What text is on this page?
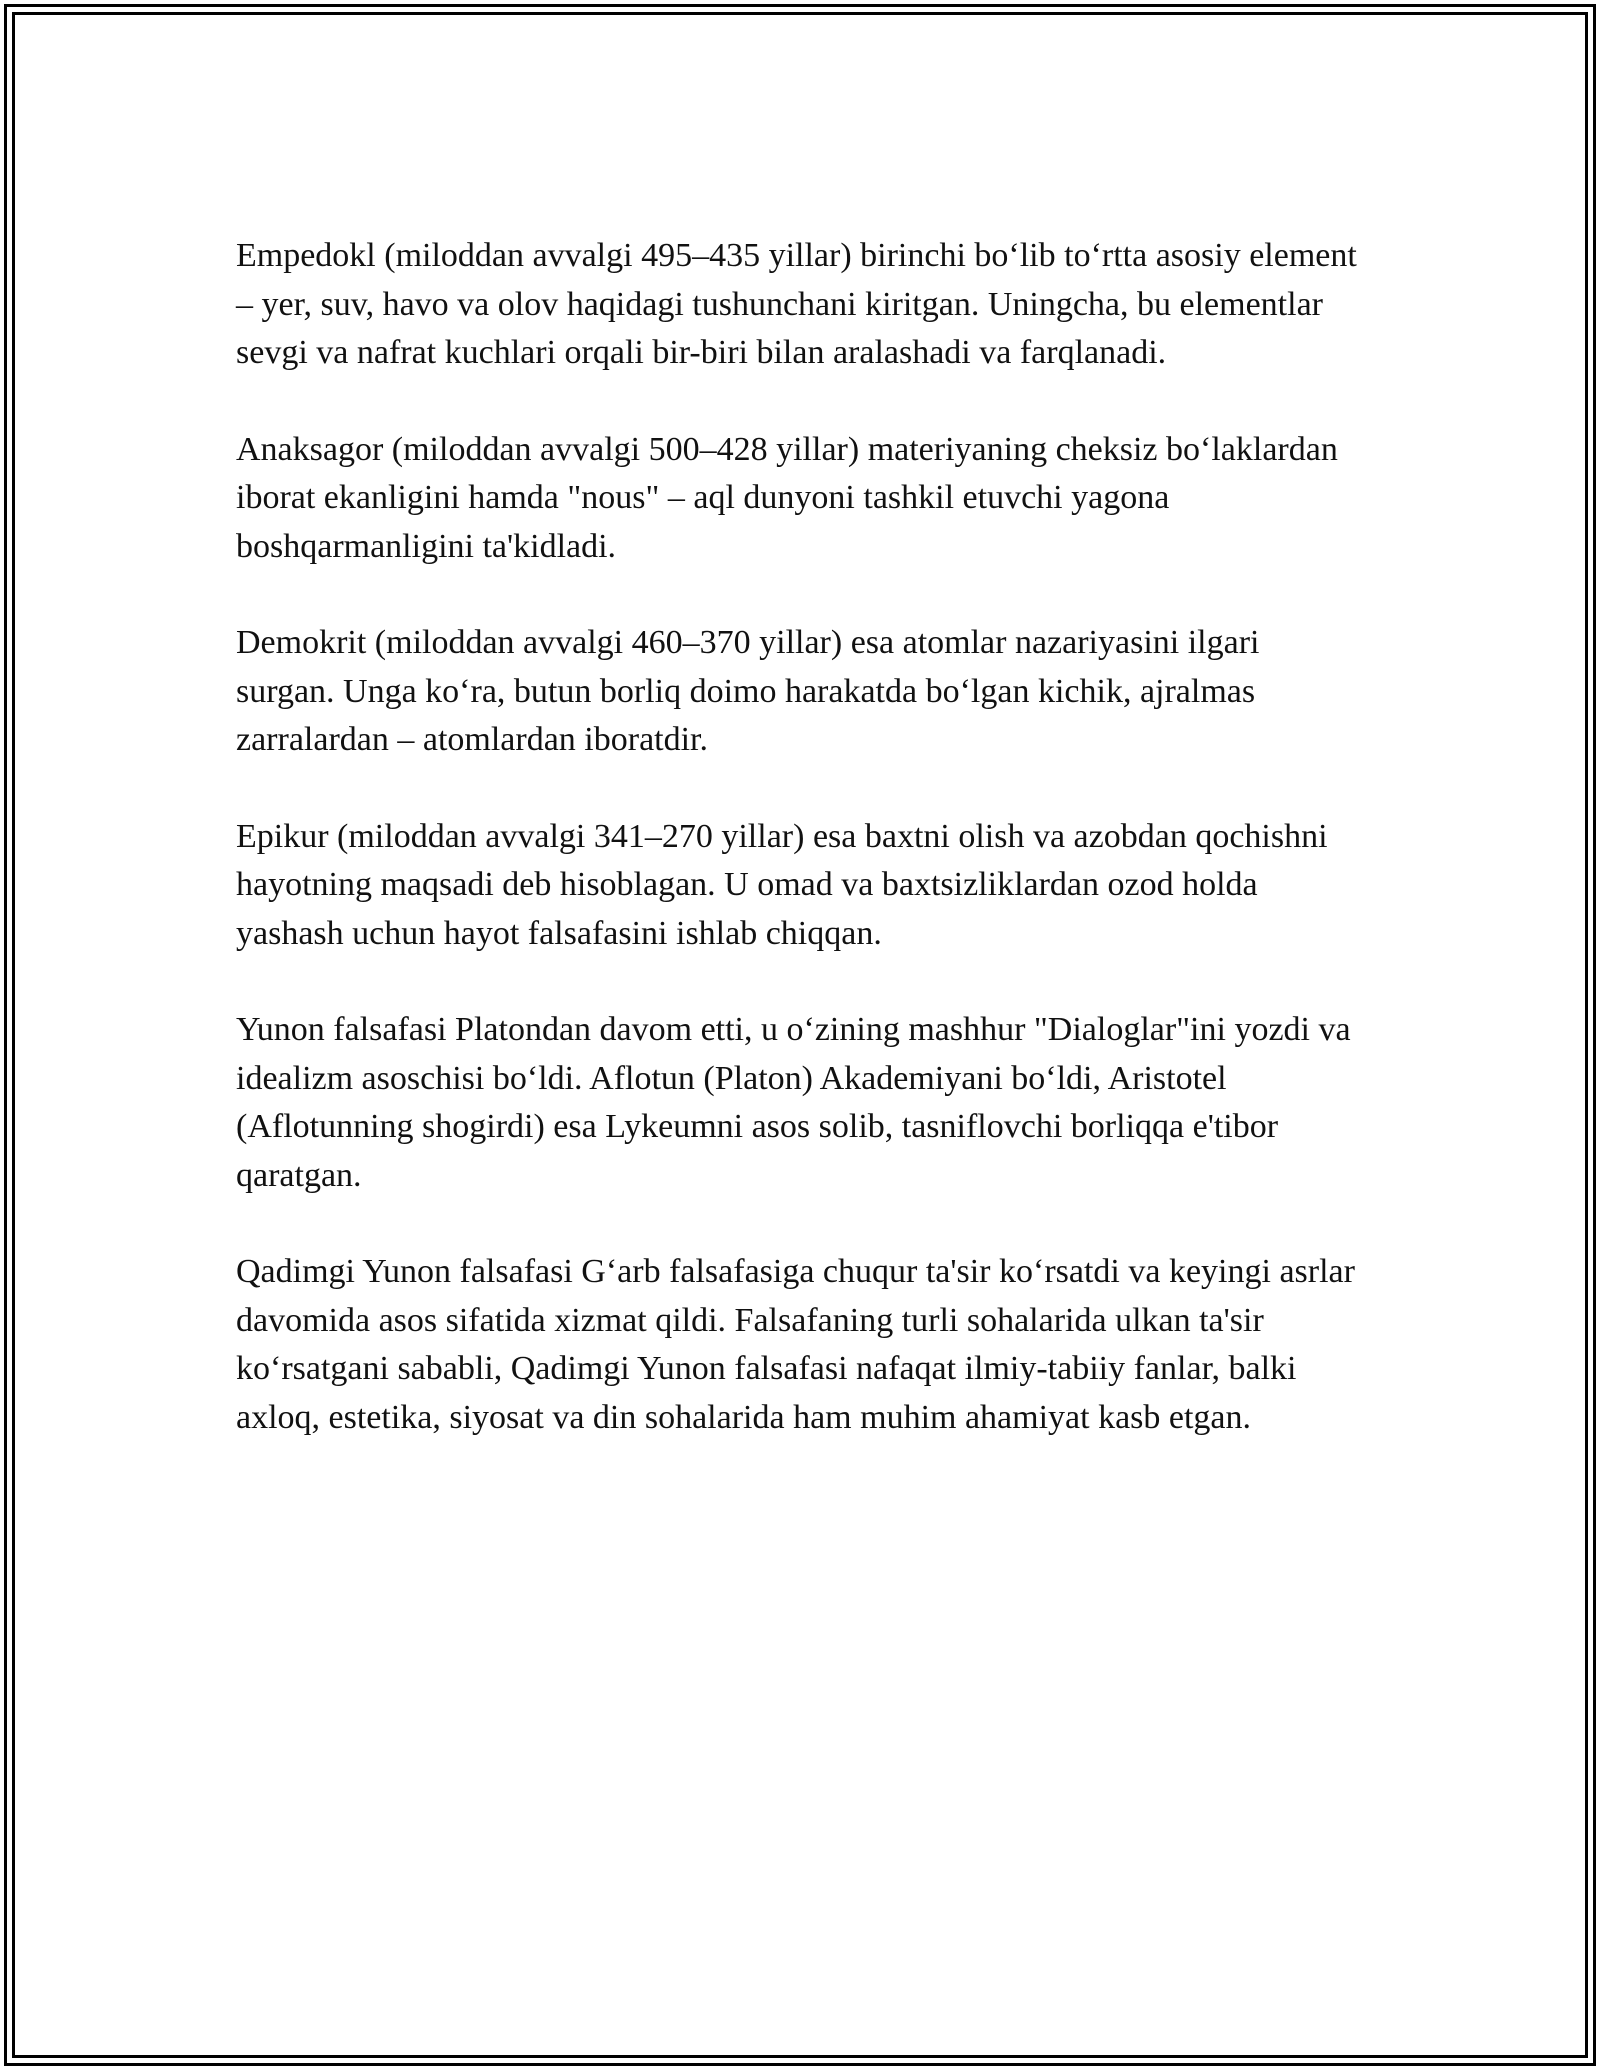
Empedokl (miloddan avvalgi 495–435 yillar) birinchi bo‘lib to‘rtta asosiy element – yer, suv, havo va olov haqidagi tushunchani kiritgan. Uningcha, bu elementlar sevgi va nafrat kuchlari orqali bir-biri bilan aralashadi va farqlanadi.

Anaksagor (miloddan avvalgi 500–428 yillar) materiyaning cheksiz bo‘laklardan iborat ekanligini hamda "nous" – aql dunyoni tashkil etuvchi yagona boshqarmanligini ta'kidladi.

Demokrit (miloddan avvalgi 460–370 yillar) esa atomlar nazariyasini ilgari surgan. Unga ko‘ra, butun borliq doimo harakatda bo‘lgan kichik, ajralmas zarralardan – atomlardan iboratdir.

Epikur (miloddan avvalgi 341–270 yillar) esa baxtni olish va azobdan qochishni hayotning maqsadi deb hisoblagan. U omad va baxtsizliklardan ozod holda yashash uchun hayot falsafasini ishlab chiqqan.

Yunon falsafasi Platondan davom etti, u o‘zining mashhur "Dialoglar"ini yozdi va idealizm asoschisi bo‘ldi. Aflotun (Platon) Akademiyani bo‘ldi, Aristotel (Aflotunning shogirdi) esa Lykeumni asos solib, tasniflovchi borliqqa e'tibor qaratgan.

Qadimgi Yunon falsafasi G‘arb falsafasiga chuqur ta'sir ko‘rsatdi va keyingi asrlar davomida asos sifatida xizmat qildi. Falsafaning turli sohalarida ulkan ta'sir ko‘rsatgani sababli, Qadimgi Yunon falsafasi nafaqat ilmiy-tabiiy fanlar, balki axloq, estetika, siyosat va din sohalarida ham muhim ahamiyat kasb etgan.
